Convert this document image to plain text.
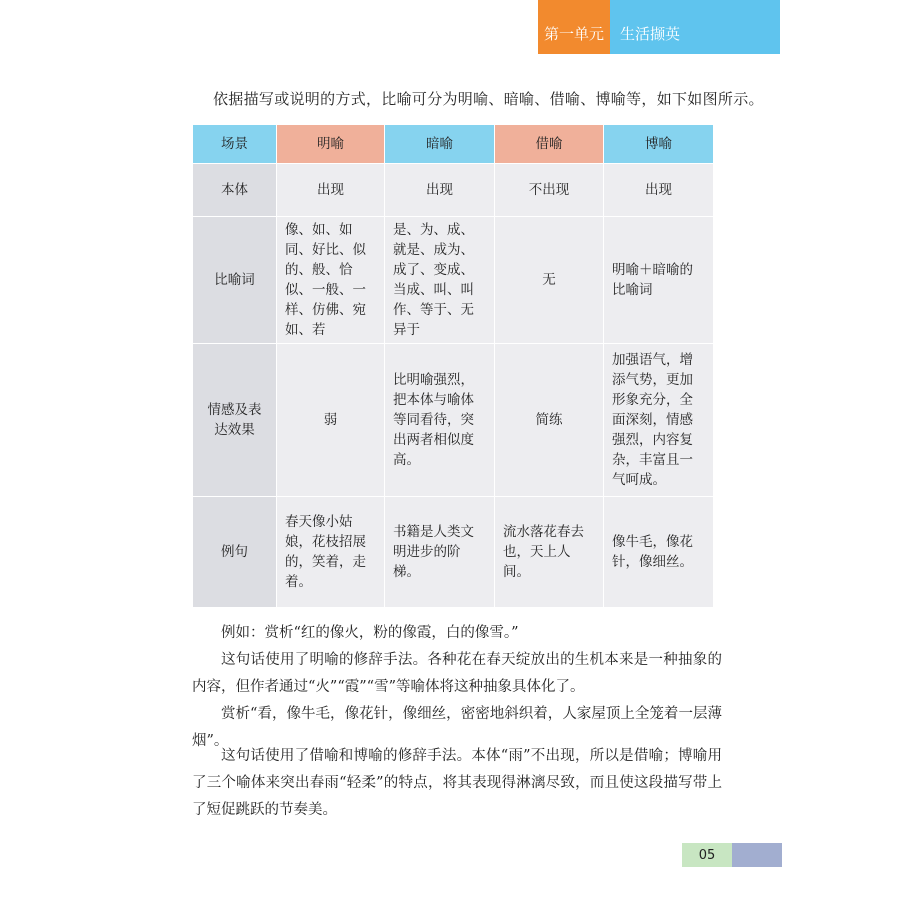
第一单元	生活撷英
依据描写或说明的方式，比喻可分为明喻、暗喻、借喻、博喻等，如下如图所示。
场景	明喻	暗喻	借喻	博喻
本体	出现	出现	不出现	出现
比喻词	像、如、如同、好比、似的、般、恰似、一般、一样、仿佛、宛如、若	是、为、成、就是、成为、成了、变成、当成、叫、叫作、等于、无异于	无	明喻＋暗喻的比喻词
情感及表达效果	弱	比明喻强烈，把本体与喻体等同看待，突出两者相似度高。	简练	加强语气，增添气势，更加形象充分，全面深刻，情感强烈，内容复杂，丰富且一气呵成。
例句	春天像小姑娘，花枝招展的，笑着，走着。	书籍是人类文明进步的阶梯。	流水落花春去也，天上人间。	像牛毛，像花针，像细丝。
例如：赏析“红的像火，粉的像霞，白的像雪。”
这句话使用了明喻的修辞手法。各种花在春天绽放出的生机本来是一种抽象的内容，但作者通过“火”“霞”“雪”等喻体将这种抽象具体化了。
赏析“看，像牛毛，像花针，像细丝，密密地斜织着，人家屋顶上全笼着一层薄烟”。
这句话使用了借喻和博喻的修辞手法。本体“雨”不出现，所以是借喻；博喻用了三个喻体来突出春雨“轻柔”的特点，将其表现得淋漓尽致，而且使这段描写带上了短促跳跃的节奏美。
05
